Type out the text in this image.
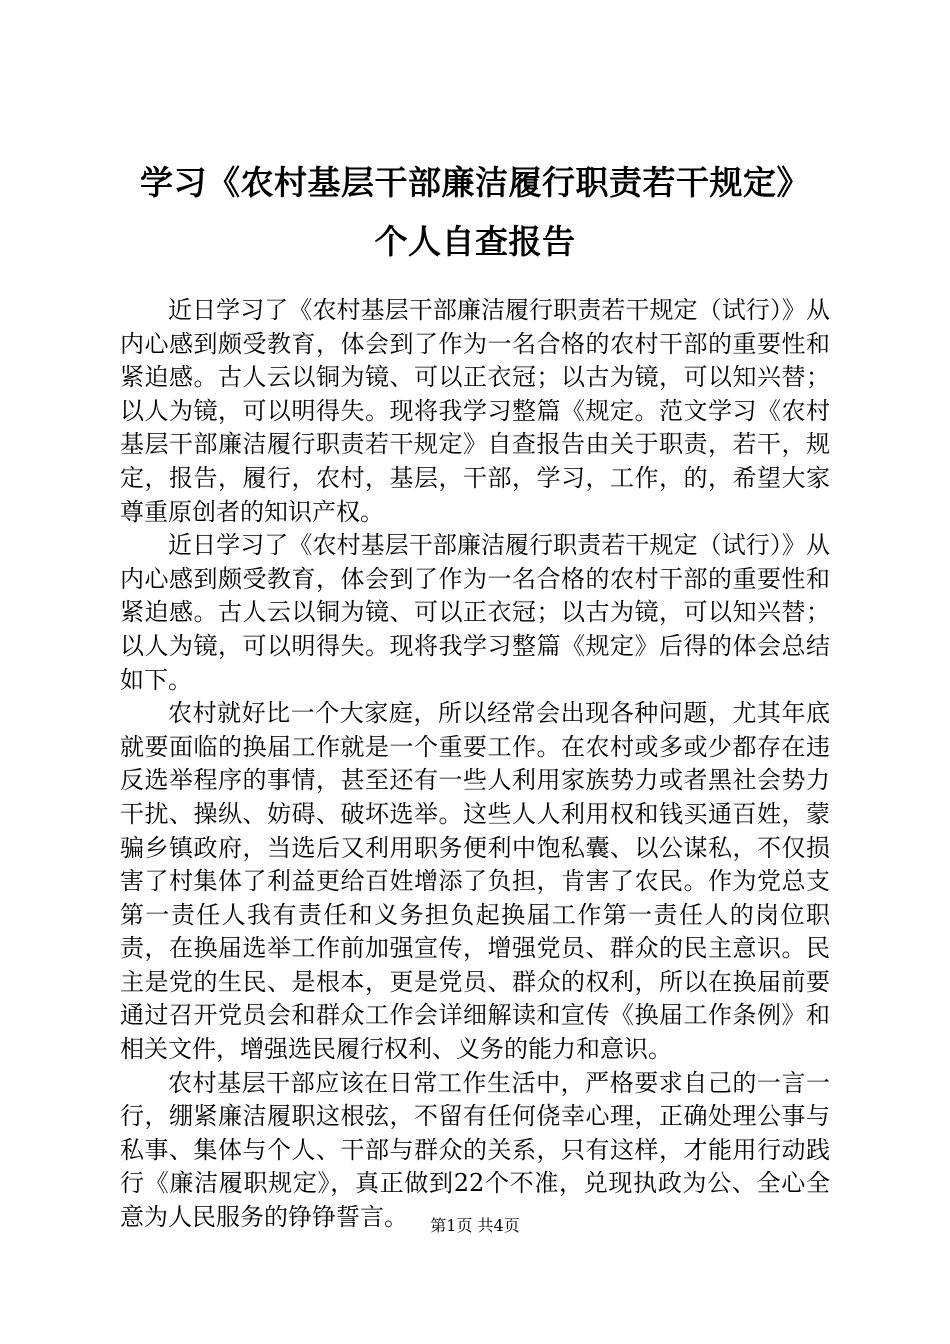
学习《农村基层干部廉洁履行职责若干规定》
个人自查报告

近日学习了《农村基层干部廉洁履行职责若干规定（试行）》从内心感到颇受教育，体会到了作为一名合格的农村干部的重要性和紧迫感。古人云以铜为镜、可以正衣冠；以古为镜，可以知兴替；以人为镜，可以明得失。现将我学习整篇《规定。范文学习《农村基层干部廉洁履行职责若干规定》自查报告由关于职责，若干，规定，报告，履行，农村，基层，干部，学习，工作，的，希望大家尊重原创者的知识产权。

近日学习了《农村基层干部廉洁履行职责若干规定（试行）》从内心感到颇受教育，体会到了作为一名合格的农村干部的重要性和紧迫感。古人云以铜为镜、可以正衣冠；以古为镜，可以知兴替；以人为镜，可以明得失。现将我学习整篇《规定》后得的体会总结如下。

农村就好比一个大家庭，所以经常会出现各种问题，尤其年底就要面临的换届工作就是一个重要工作。在农村或多或少都存在违反选举程序的事情，甚至还有一些人利用家族势力或者黑社会势力干扰、操纵、妨碍、破坏选举。这些人人利用权和钱买通百姓，蒙骗乡镇政府，当选后又利用职务便利中饱私囊、以公谋私，不仅损害了村集体了利益更给百姓增添了负担，肯害了农民。作为党总支第一责任人我有责任和义务担负起换届工作第一责任人的岗位职责，在换届选举工作前加强宣传，增强党员、群众的民主意识。民主是党的生民、是根本，更是党员、群众的权利，所以在换届前要通过召开党员会和群众工作会详细解读和宣传《换届工作条例》和相关文件，增强选民履行权利、义务的能力和意识。

农村基层干部应该在日常工作生活中，严格要求自己的一言一行，绷紧廉洁履职这根弦，不留有任何侥幸心理，正确处理公事与私事、集体与个人、干部与群众的关系，只有这样，才能用行动践行《廉洁履职规定》，真正做到22个不准，兑现执政为公、全心全意为人民服务的铮铮誓言。	第1页 共4页
